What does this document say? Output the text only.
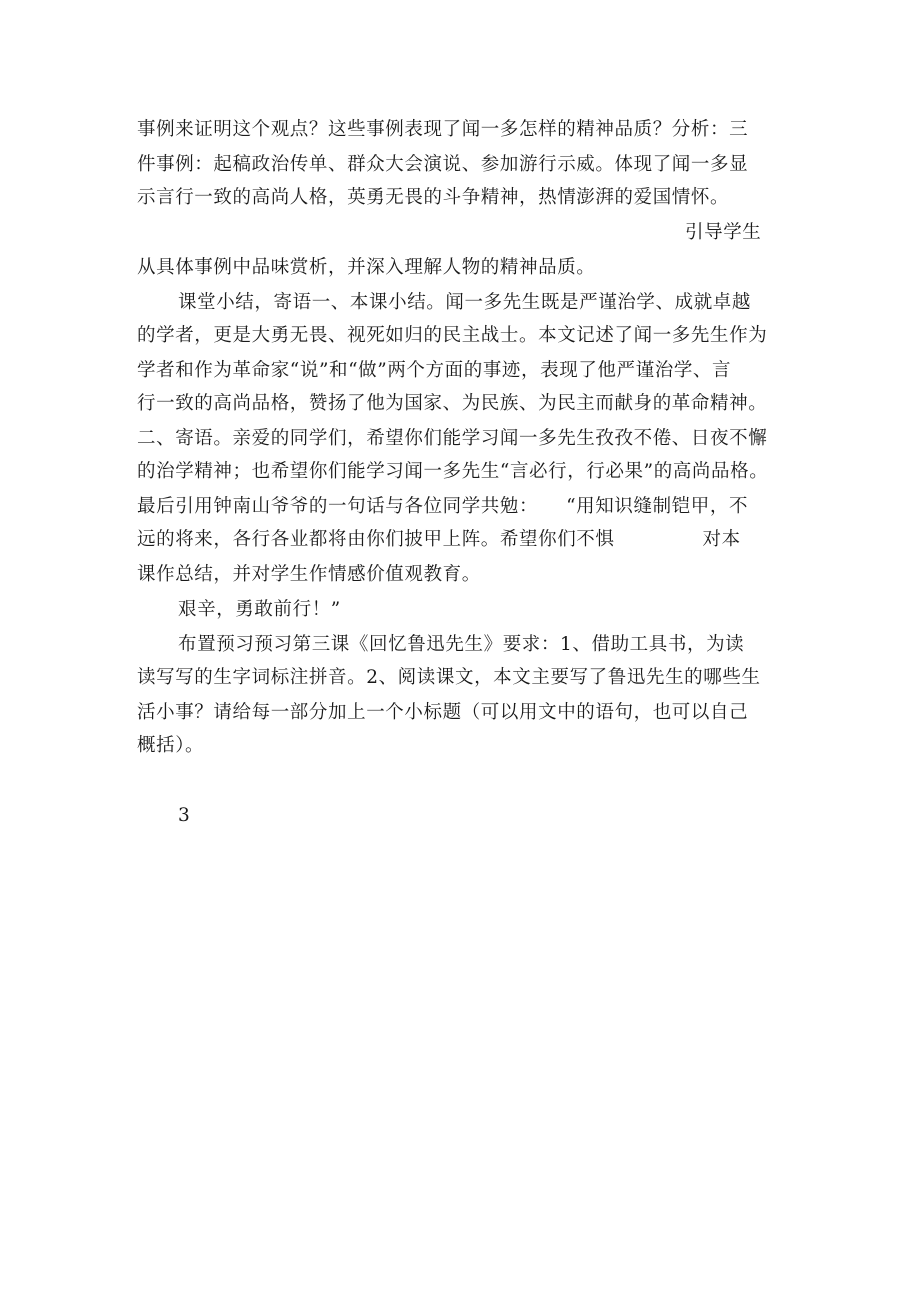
事例来证明这个观点？这些事例表现了闻一多怎样的精神品质？分析：三
件事例：起稿政治传单、群众大会演说、参加游行示威。体现了闻一多显
示言行一致的高尚人格，英勇无畏的斗争精神，热情澎湃的爱国情怀。
引导学生
从具体事例中品味赏析，并深入理解人物的精神品质。
课堂小结，寄语一、本课小结。闻一多先生既是严谨治学、成就卓越
的学者，更是大勇无畏、视死如归的民主战士。本文记述了闻一多先生作为
学者和作为革命家“说”和“做”两个方面的事迹，表现了他严谨治学、言
行一致的高尚品格，赞扬了他为国家、为民族、为民主而献身的革命精神。
二、寄语。亲爱的同学们，希望你们能学习闻一多先生孜孜不倦、日夜不懈
的治学精神；也希望你们能学习闻一多先生“言必行，行必果”的高尚品格。
最后引用钟南山爷爷的一句话与各位同学共勉： “用知识缝制铠甲，不
远的将来，各行各业都将由你们披甲上阵。希望你们不惧	对本
课作总结，并对学生作情感价值观教育。
艰辛，勇敢前行！”
布置预习预习第三课《回忆鲁迅先生》要求：1、借助工具书，为读
读写写的生字词标注拼音。2、阅读课文，本文主要写了鲁迅先生的哪些生
活小事？请给每一部分加上一个小标题（可以用文中的语句，也可以自己
概括）。
3
